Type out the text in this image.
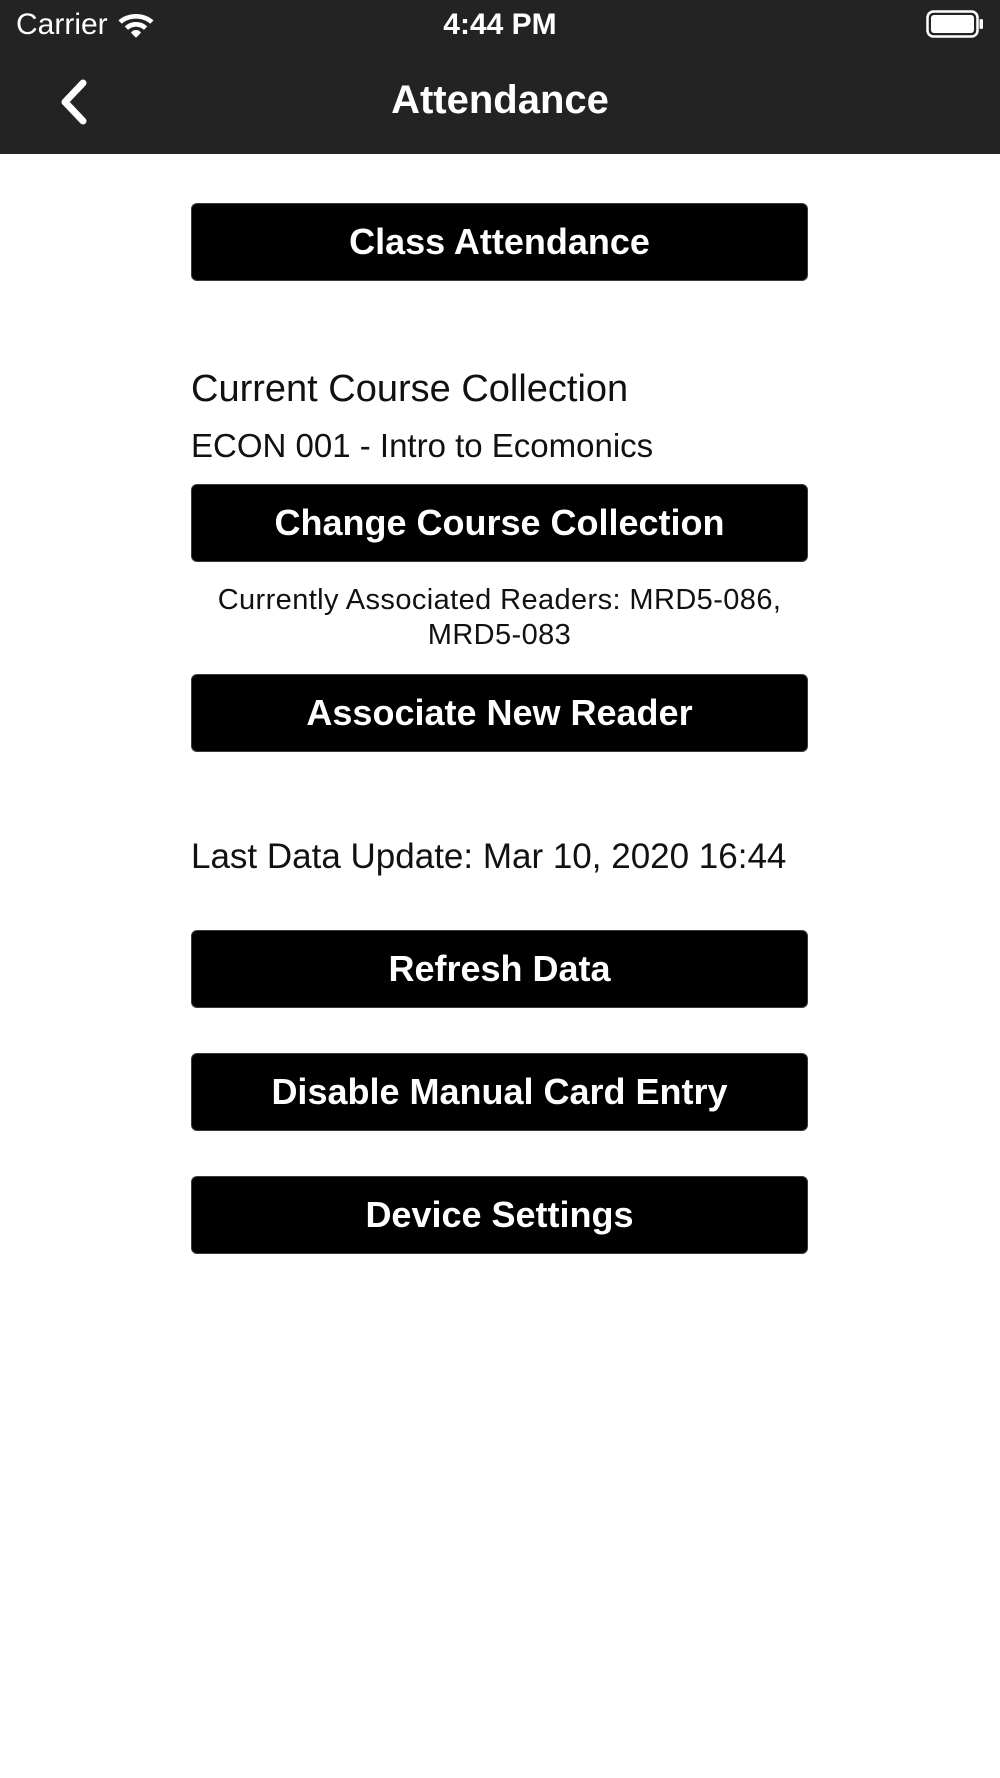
Carrier	4:44 PM
Attendance
Class Attendance
Current Course Collection
ECON 001 - Intro to Ecomonics
Change Course Collection
Currently Associated Readers: MRD5-086, MRD5-083
Associate New Reader
Last Data Update: Mar 10, 2020 16:44
Refresh Data
Disable Manual Card Entry
Device Settings
